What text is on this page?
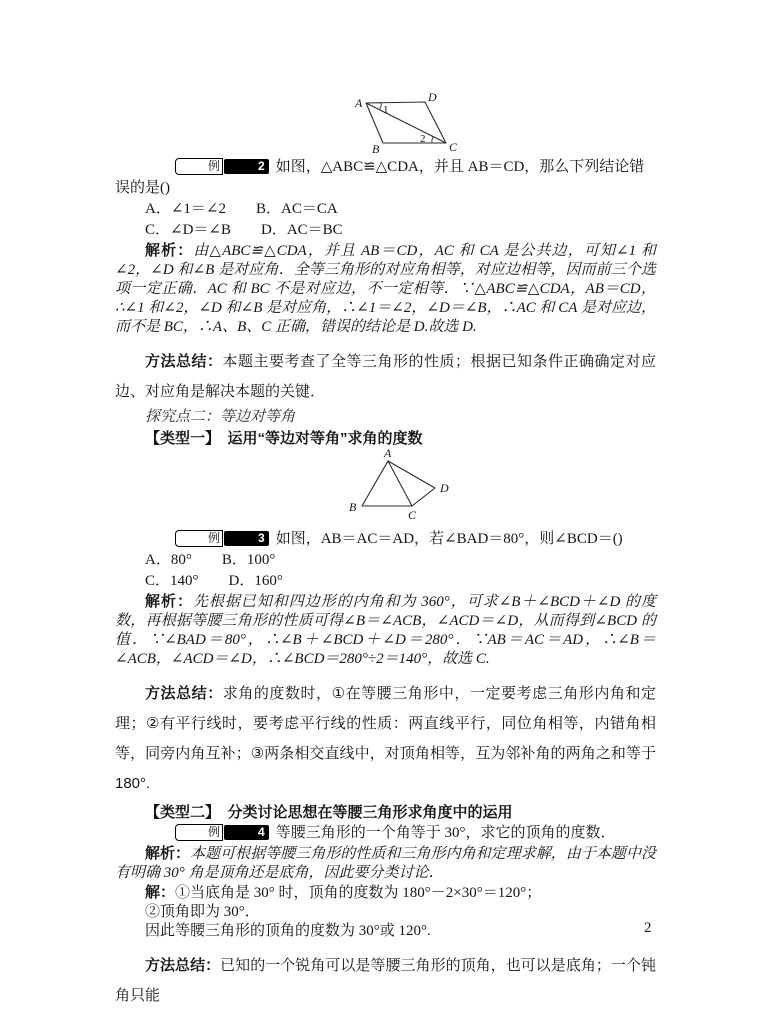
A	D
B	C
1
2

例	2 如图，△ABC≌△CDA，并且 AB＝CD，那么下列结论错误的是()

A．∠1＝∠2 B．AC＝CA

C．∠D＝∠B D．AC＝BC

解析：由△ABC≌△CDA，并且 AB＝CD，AC 和 CA 是公共边，可知∠1 和∠2，∠D 和∠B 是对应角．全等三角形的对应角相等，对应边相等，因而前三个选项一定正确．AC 和 BC 不是对应边，不一定相等．∵△ABC≌△CDA，AB＝CD，∴∠1 和∠2，∠D 和∠B 是对应角，∴∠1＝∠2，∠D＝∠B，∴AC 和 CA 是对应边，而不是 BC，∴A、B、C 正确，错误的结论是 D.故选 D.

方法总结：本题主要考查了全等三角形的性质；根据已知条件正确确定对应边、对应角是解决本题的关键．

探究点二：等边对等角

【类型一】　运用“等边对等角”求角的度数

A
B
C
D

例	3 如图，AB＝AC＝AD，若∠BAD＝80°，则∠BCD＝()

A．80° B．100°

C．140° D．160°

解析：先根据已知和四边形的内角和为 360°，可求∠B＋∠BCD＋∠D 的度数，再根据等腰三角形的性质可得∠B＝∠ACB，∠ACD＝∠D，从而得到∠BCD 的值．∵∠BAD＝80°，∴∠B＋∠BCD＋∠D＝280°．∵AB＝AC＝AD，∴∠B＝∠ACB，∠ACD＝∠D，∴∠BCD＝280°÷2＝140°，故选 C.

方法总结：求角的度数时，①在等腰三角形中，一定要考虑三角形内角和定理；②有平行线时，要考虑平行线的性质：两直线平行，同位角相等，内错角相等，同旁内角互补；③两条相交直线中，对顶角相等，互为邻补角的两角之和等于 180°.

【类型二】　分类讨论思想在等腰三角形求角度中的运用

例	4 等腰三角形的一个角等于 30°，求它的顶角的度数．

解析：本题可根据等腰三角形的性质和三角形内角和定理求解，由于本题中没有明确 30° 角是顶角还是底角，因此要分类讨论．

解：①当底角是 30° 时，顶角的度数为 180°－2×30°＝120°；

②顶角即为 30°．

因此等腰三角形的顶角的度数为 30°或 120°.

方法总结：已知的一个锐角可以是等腰三角形的顶角，也可以是底角；一个钝角只能

2
